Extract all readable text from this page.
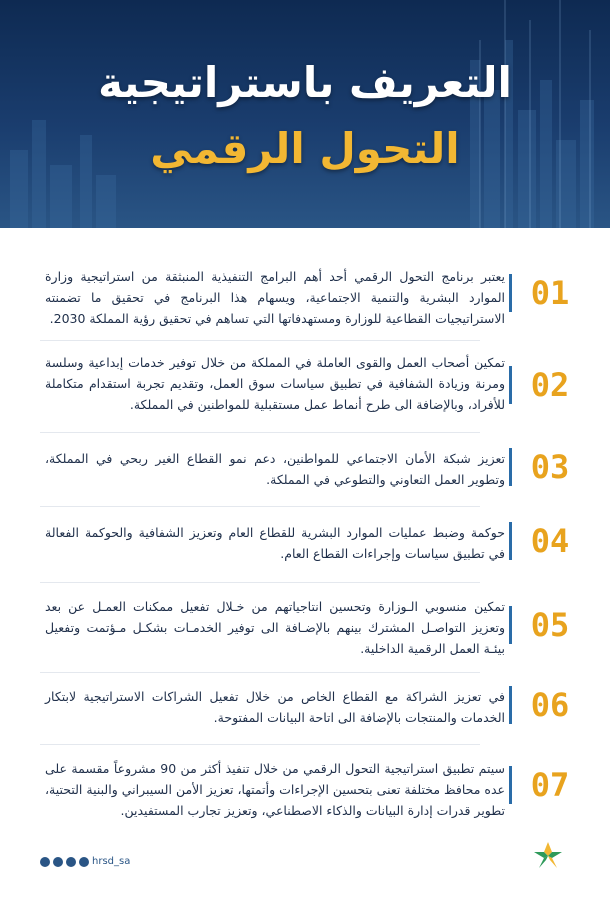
التعريف باستراتيجية
التحول الرقمي
01
يعتبر برنامج التحول الرقمي أحد أهم البرامج التنفيذية المنبثقة من استراتيجية وزارة الموارد البشرية والتنمية الاجتماعية، ويسهام هذا البرنامج في تحقيق ما تضمنته الاستراتيجيات القطاعية للوزارة ومستهدفاتها التي تساهم في تحقيق رؤية المملكة 2030.
02
تمكين أصحاب العمل والقوى العاملة في المملكة من خلال توفير خدمات إبداعية وسلسة ومرنة وزيادة الشفافية في تطبيق سياسات سوق العمل، وتقديم تجربة استقدام متكاملة للأفراد، وبالإضافة الى طرح أنماط عمل مستقبلية للمواطنين في المملكة.
03
تعزيز شبكة الأمان الاجتماعي للمواطنين، دعم نمو القطاع الغير ربحي في المملكة، وتطوير العمل التعاوني والتطوعي في المملكة.
04
حوكمة وضبط عمليات الموارد البشرية للقطاع العام وتعزيز الشفافية والحوكمة الفعالة في تطبيق سياسات وإجراءات القطاع العام.
05
تمكين منسوبي الـوزارة وتحسين انتاجياتهم من خـلال تفعيل ممكنات العمـل عن بعد وتعزيز التواصـل المشترك بينهم بالإضـافة الى توفير الخدمـات بشكـل مـؤتمت وتفعيل بيئـة العمل الرقمية الداخلية.
06
في تعزيز الشراكة مع القطاع الخاص من خلال تفعيل الشراكات الاستراتيجية لابتكار الخدمات والمنتجات بالإضافة الى اتاحة البيانات المفتوحة.
07
سيتم تطبيق استراتيجية التحول الرقمي من خلال تنفيذ أكثر من 90 مشروعاً مقسمة على عده محافظ مختلفة تعنى بتحسين الإجراءات وأتمتها، تعزيز الأمن السيبراني والبنية التحتية، تطوير قدرات إدارة البيانات والذكاء الاصطناعي، وتعزيز تجارب المستفيدين.
hrsd_sa
